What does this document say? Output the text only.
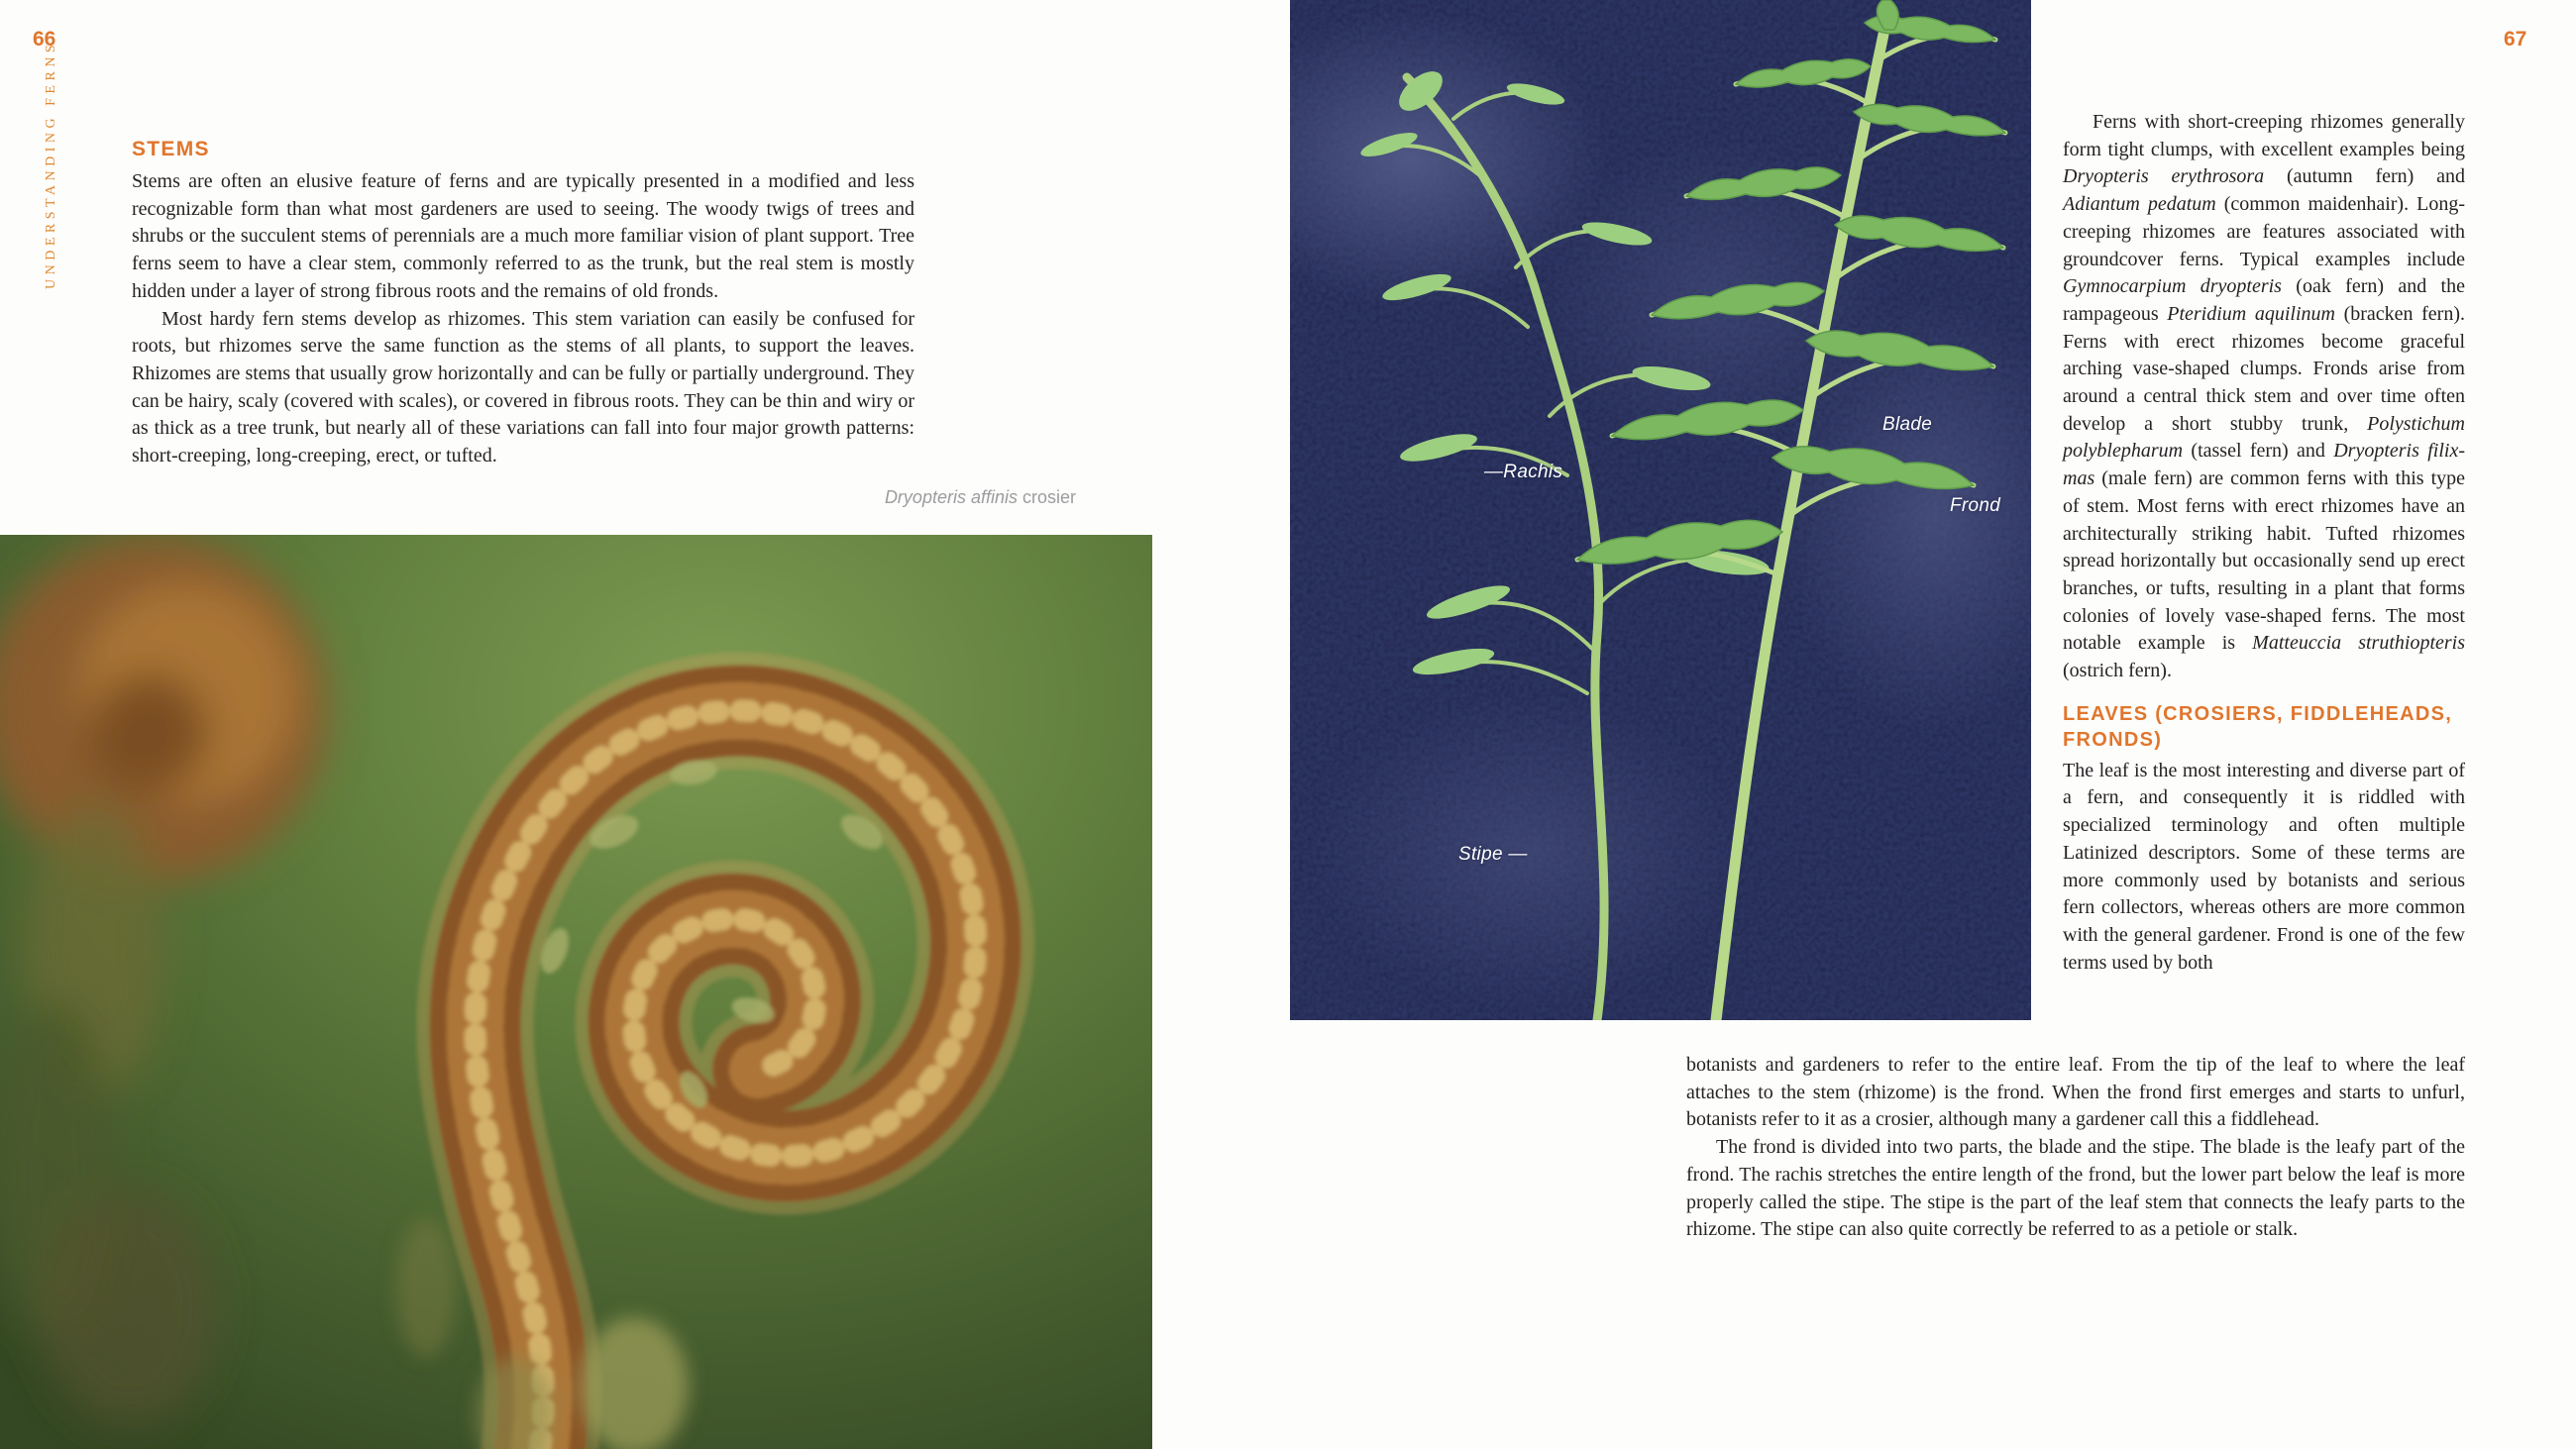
66
UNDERSTANDING FERNS	STEMS

Stems are often an elusive feature of ferns and are typically presented in a modified and less recognizable form than what most gardeners are used to seeing. The woody twigs of trees and shrubs or the succulent stems of perennials are a much more familiar vision of plant support. Tree ferns seem to have a clear stem, commonly referred to as the trunk, but the real stem is mostly hidden under a layer of strong fibrous roots and the remains of old fronds.

Most hardy fern stems develop as rhizomes. This stem variation can easily be confused for roots, but rhizomes serve the same function as the stems of all plants, to support the leaves. Rhizomes are stems that usually grow horizontally and can be fully or partially underground. They can be hairy, scaly (covered with scales), or covered in fibrous roots. They can be thin and wiry or as thick as a tree trunk, but nearly all of these variations can fall into four major growth patterns: short-creeping, long-creeping, erect, or tufted.

Dryopteris affinis crosier
Blade
—Rachis
Frond
Stipe —
67

Ferns with short-creeping rhizomes generally form tight clumps, with excellent examples being Dryopteris erythrosora (autumn fern) and Adiantum pedatum (common maidenhair). Long-creeping rhizomes are features associated with groundcover ferns. Typical examples include Gymnocarpium dryopteris (oak fern) and the rampageous Pteridium aquilinum (bracken fern). Ferns with erect rhizomes become graceful arching vase-shaped clumps. Fronds arise from around a central thick stem and over time often develop a short stubby trunk, Polystichum polyblepharum (tassel fern) and Dryopteris filix-mas (male fern) are common ferns with this type of stem. Most ferns with erect rhizomes have an architecturally striking habit. Tufted rhizomes spread horizontally but occasionally send up erect branches, or tufts, resulting in a plant that forms colonies of lovely vase-shaped ferns. The most notable example is Matteuccia struthiopteris (ostrich fern).

LEAVES (CROSIERS, FIDDLEHEADS, FRONDS)

The leaf is the most interesting and diverse part of a fern, and consequently it is riddled with specialized terminology and often multiple Latinized descriptors. Some of these terms are more commonly used by botanists and serious fern collectors, whereas others are more common with the general gardener. Frond is one of the few terms used by both

botanists and gardeners to refer to the entire leaf. From the tip of the leaf to where the leaf attaches to the stem (rhizome) is the frond. When the frond first emerges and starts to unfurl, botanists refer to it as a crosier, although many a gardener call this a fiddlehead.

The frond is divided into two parts, the blade and the stipe. The blade is the leafy part of the frond. The rachis stretches the entire length of the frond, but the lower part below the leaf is more properly called the stipe. The stipe is the part of the leaf stem that connects the leafy parts to the rhizome. The stipe can also quite correctly be referred to as a petiole or stalk.
